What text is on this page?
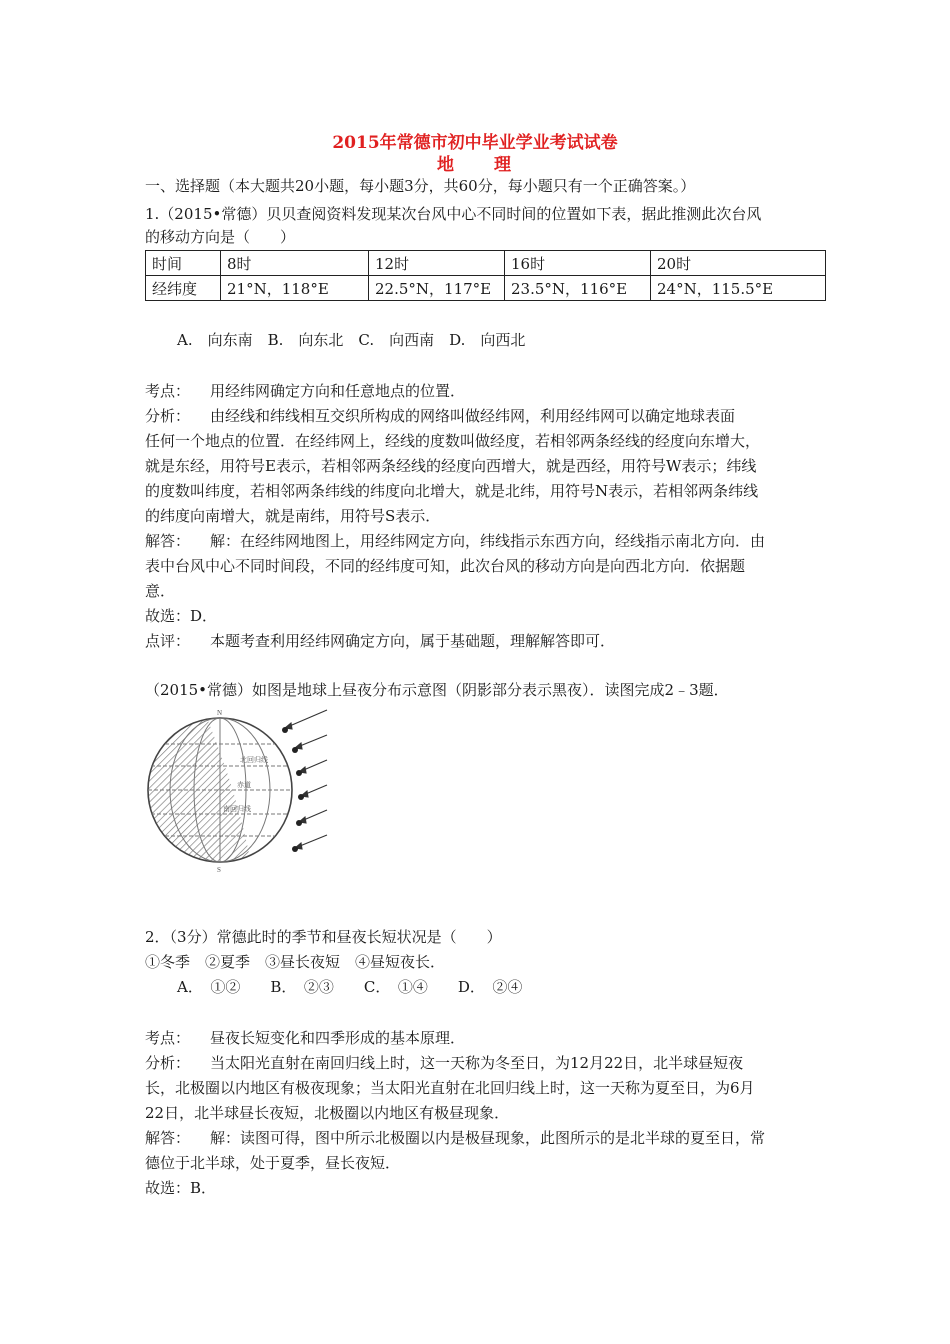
2015年常德市初中毕业学业考试试卷
地　　理
一、选择题（本大题共20小题，每小题3分，共60分，每小题只有一个正确答案。）
1.（2015•常德）贝贝查阅资料发现某次台风中心不同时间的位置如下表，据此推测此次台风
的移动方向是（　　）
时间	8时	12时	16时	20时
经纬度	21°N，118°E	22.5°N，117°E	23.5°N，116°E	24°N，115.5°E
A.　向东南　B.　向东北　C.　向西南　D.　向西北
考点： 用经纬网确定方向和任意地点的位置．
分析： 由经线和纬线相互交织所构成的网络叫做经纬网，利用经纬网可以确定地球表面
任何一个地点的位置．在经纬网上，经线的度数叫做经度，若相邻两条经线的经度向东增大，
就是东经，用符号E表示，若相邻两条经线的经度向西增大，就是西经，用符号W表示；纬线
的度数叫纬度，若相邻两条纬线的纬度向北增大，就是北纬，用符号N表示，若相邻两条纬线
的纬度向南增大，就是南纬，用符号S表示．
解答： 解：在经纬网地图上，用经纬网定方向，纬线指示东西方向，经线指示南北方向．由
表中台风中心不同时间段，不同的经纬度可知，此次台风的移动方向是向西北方向．依据题
意．
故选：D．
点评： 本题考查利用经纬网确定方向，属于基础题，理解解答即可．
（2015•常德）如图是地球上昼夜分布示意图（阴影部分表示黑夜）．读图完成2﹣3题．
北回归线
赤道
南回归线
N
S
2．（3分）常德此时的季节和昼夜长短状况是（　　）
①冬季　②夏季　③昼长夜短　④昼短夜长．
A．　①②　　B．　②③　　C．　①④　　D．　②④
考点： 昼夜长短变化和四季形成的基本原理．
分析： 当太阳光直射在南回归线上时，这一天称为冬至日，为12月22日，北半球昼短夜
长，北极圈以内地区有极夜现象；当太阳光直射在北回归线上时，这一天称为夏至日，为6月
22日，北半球昼长夜短，北极圈以内地区有极昼现象．
解答： 解：读图可得，图中所示北极圈以内是极昼现象，此图所示的是北半球的夏至日，常
德位于北半球，处于夏季，昼长夜短．
故选：B．
